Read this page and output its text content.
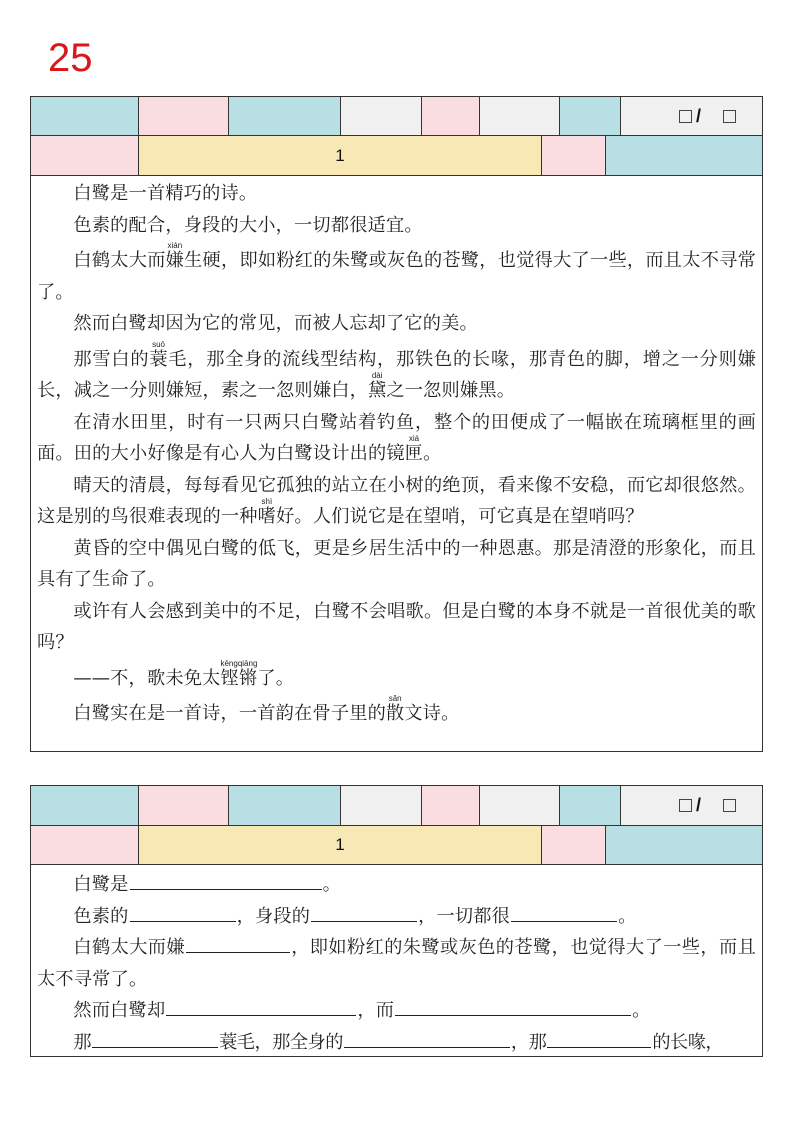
25
/
1

白鹭是一首精巧的诗。

色素的配合，身段的大小，一切都很适宜。

白鹤太大而嫌xián生硬，即如粉红的朱鹭或灰色的苍鹭，也觉得大了一些，而且太不寻常了。

然而白鹭却因为它的常见，而被人忘却了它的美。

那雪白的蓑suō毛，那全身的流线型结构，那铁色的长喙，那青色的脚，增之一分则嫌长，减之一分则嫌短，素之一忽则嫌白，黛dài之一忽则嫌黑。

在清水田里，时有一只两只白鹭站着钓鱼，整个的田便成了一幅嵌在琉璃框里的画面。田的大小好像是有心人为白鹭设计出的镜匣xiá。

晴天的清晨，每每看见它孤独的站立在小树的绝顶，看来像不安稳，而它却很悠然。这是别的鸟很难表现的一种嗜shì好。人们说它是在望哨，可它真是在望哨吗？

黄昏的空中偶见白鹭的低飞，更是乡居生活中的一种恩惠。那是清澄的形象化，而且具有了生命了。

或许有人会感到美中的不足，白鹭不会唱歌。但是白鹭的本身不就是一首很优美的歌吗？

——不，歌未免太铿锵kēngqiāng了。

白鹭实在是一首诗，一首韵在骨子里的散sǎn文诗。

/
1

白鹭是	。

色素的	，身段的	，一切都很	。

白鹤太大而嫌	，即如粉红的朱鹭或灰色的苍鹭，也觉得大了一些，而且太不寻常了。

然而白鹭却	，而	。

那	蓑毛，那全身的	，那	的长喙，
